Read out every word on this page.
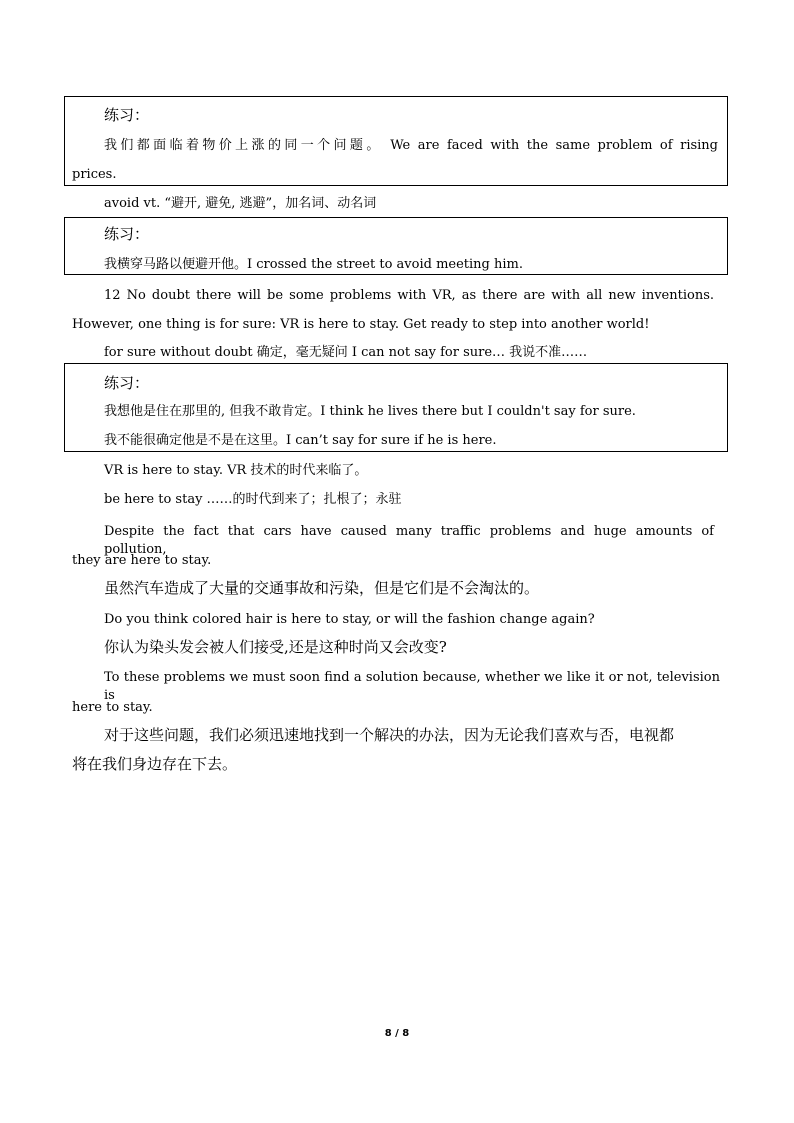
练习：
我们都面临着物价上涨的同一个问题。 We are faced with the same problem of rising
prices.
avoid vt. “避开, 避免, 逃避”，加名词、动名词
练习：
我横穿马路以便避开他。I crossed the street to avoid meeting him.
12 No doubt there will be some problems with VR, as there are with all new inventions.
However, one thing is for sure: VR is here to stay. Get ready to step into another world!
for sure without doubt 确定，毫无疑问 I can not say for sure… 我说不准……
练习：
我想他是住在那里的, 但我不敢肯定。I think he lives there but I couldn't say for sure.
我不能很确定他是不是在这里。I can’t say for sure if he is here.
VR is here to stay. VR 技术的时代来临了。
be here to stay ……的时代到来了；扎根了；永驻
Despite the fact that cars have caused many traffic problems and huge amounts of pollution,
they are here to stay.
虽然汽车造成了大量的交通事故和污染，但是它们是不会淘汰的。
Do you think colored hair is here to stay, or will the fashion change again?
你认为染头发会被人们接受,还是这种时尚又会改变?
To these problems we must soon find a solution because, whether we like it or not, television is
here to stay.
对于这些问题，我们必须迅速地找到一个解决的办法，因为无论我们喜欢与否，电视都
将在我们身边存在下去。
8 / 8
